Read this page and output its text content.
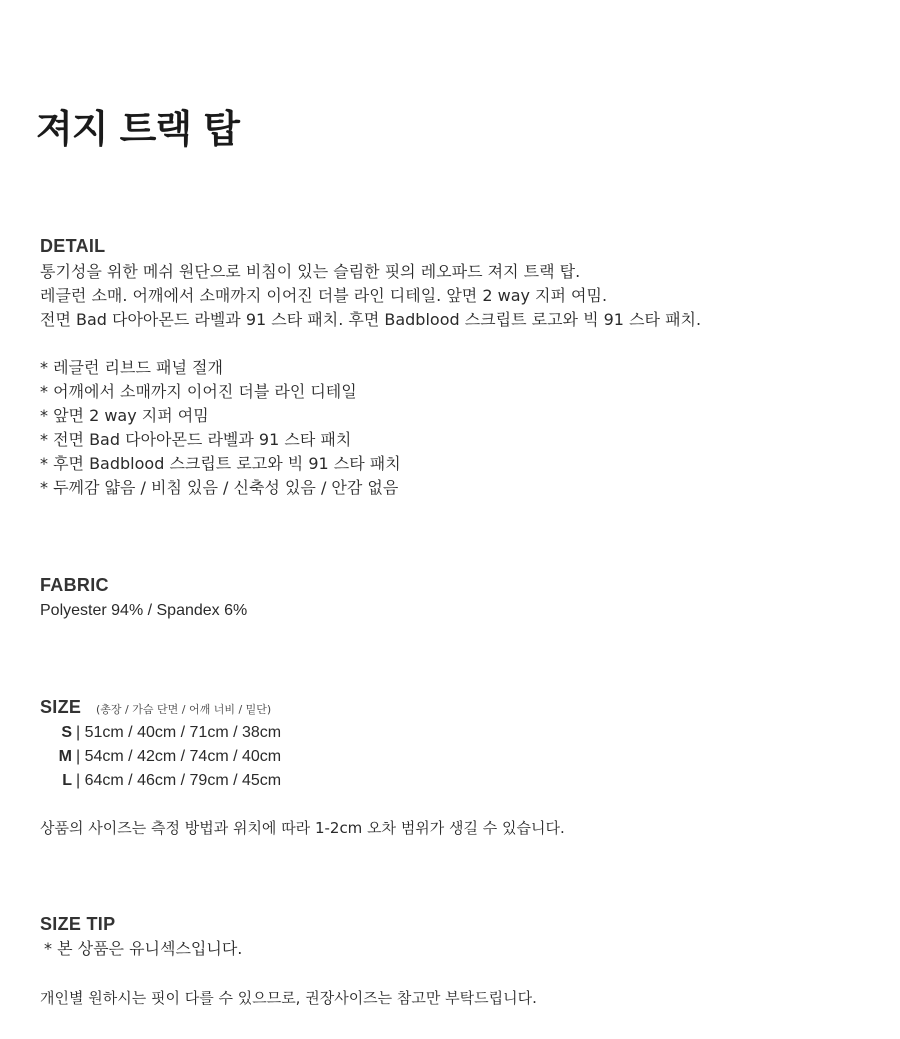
져지 트랙 탑
DETAIL
통기성을 위한 메쉬 원단으로 비침이 있는 슬림한 핏의 레오파드 져지 트랙 탑.
레글런 소매. 어깨에서 소매까지 이어진 더블 라인 디테일. 앞면 2 way 지퍼 여밈.
전면 Bad 다아아몬드 라벨과 91 스타 패치. 후면 Badblood 스크립트 로고와 빅 91 스타 패치.
* 레글런 리브드 패널 절개
* 어깨에서 소매까지 이어진 더블 라인 디테일
* 앞면 2 way 지퍼 여밈
* 전면 Bad 다아아몬드 라벨과 91 스타 패치
* 후면 Badblood 스크립트 로고와 빅 91 스타 패치
* 두께감 얇음 / 비침 있음 / 신축성 있음 / 안감 없음
FABRIC
Polyester 94% / Spandex 6%
SIZE (총장 / 가슴 단면 / 어깨 너비 / 밑단)
S | 51cm / 40cm / 71cm / 38cm
M | 54cm / 42cm / 74cm / 40cm
L | 64cm / 46cm / 79cm / 45cm
상품의 사이즈는 측정 방법과 위치에 따라 1-2cm 오차 범위가 생길 수 있습니다.
SIZE TIP
* 본 상품은 유니섹스입니다.
개인별 원하시는 핏이 다를 수 있으므로, 권장사이즈는 참고만 부탁드립니다.
